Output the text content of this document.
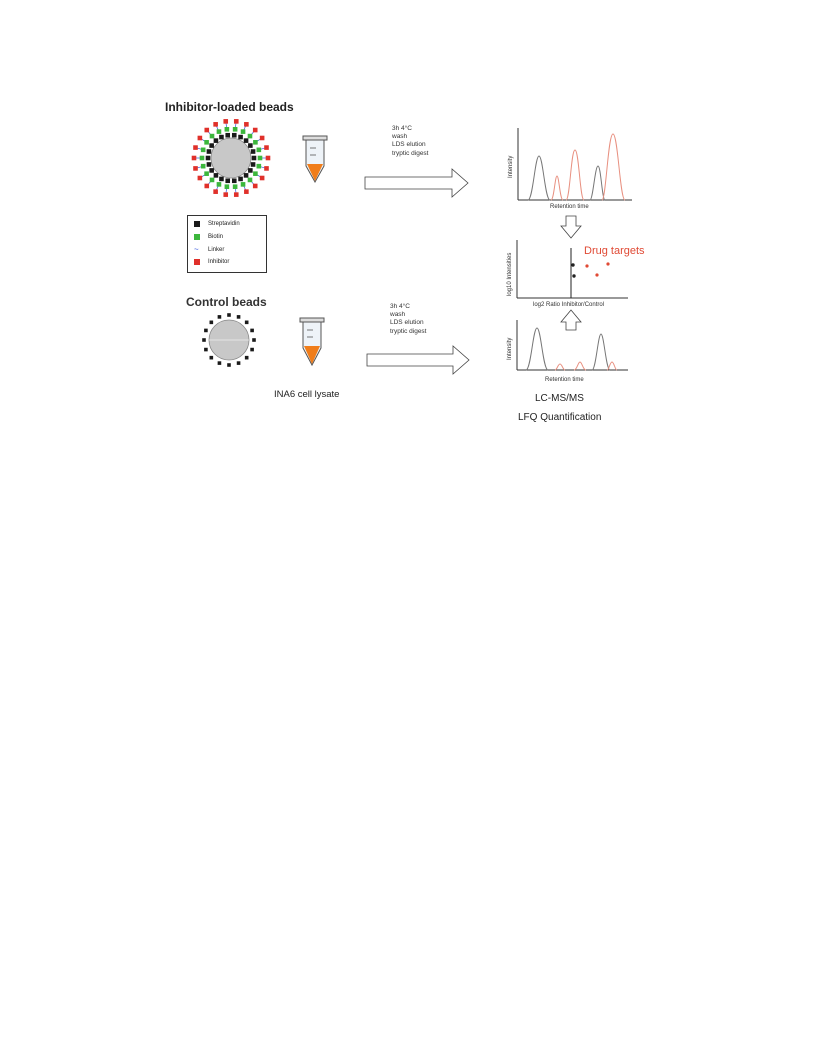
Inhibitor-loaded beads
Control beads
3h 4°C
wash
LDS elution
tryptic digest
3h 4°C
wash
LDS elution
tryptic digest
Streptavidin
Biotin
~ Linker
Inhibitor
Drug targets
INA6 cell lysate	LC-MS/MS
LFQ Quantification
Intensity
Retention time
log10 Intensities
log2 Ratio Inhibitor/Control
Intensity
Retention time
